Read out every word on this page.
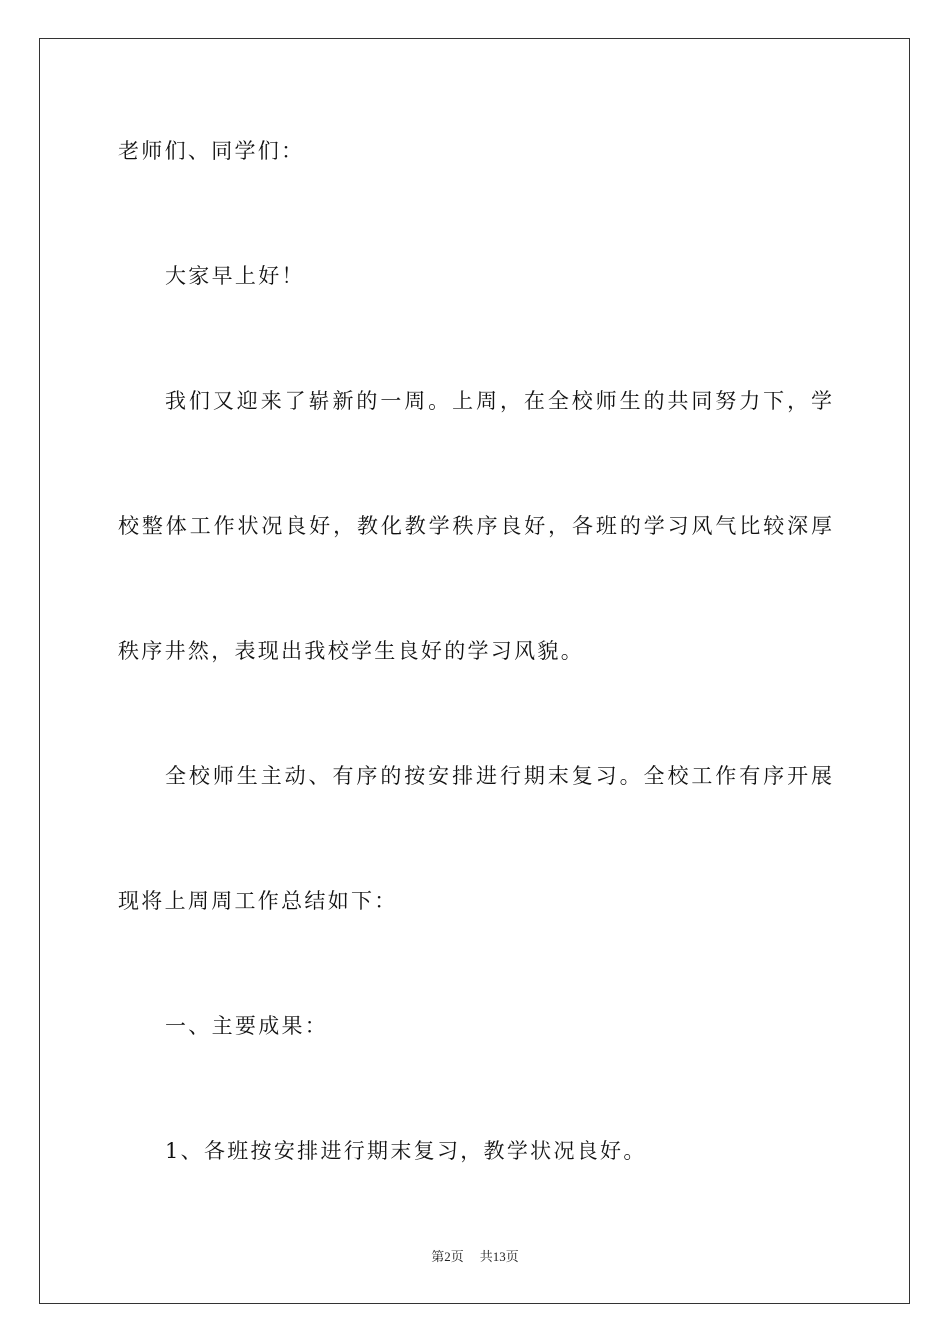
老师们、同学们：
大家早上好！
我们又迎来了崭新的一周。上周，在全校师生的共同努力下，学
校整体工作状况良好，教化教学秩序良好，各班的学习风气比较深厚
秩序井然，表现出我校学生良好的学习风貌。
全校师生主动、有序的按安排进行期末复习。全校工作有序开展
现将上周周工作总结如下：
一、主要成果：
1、各班按安排进行期末复习，教学状况良好。
第2页 共13页
